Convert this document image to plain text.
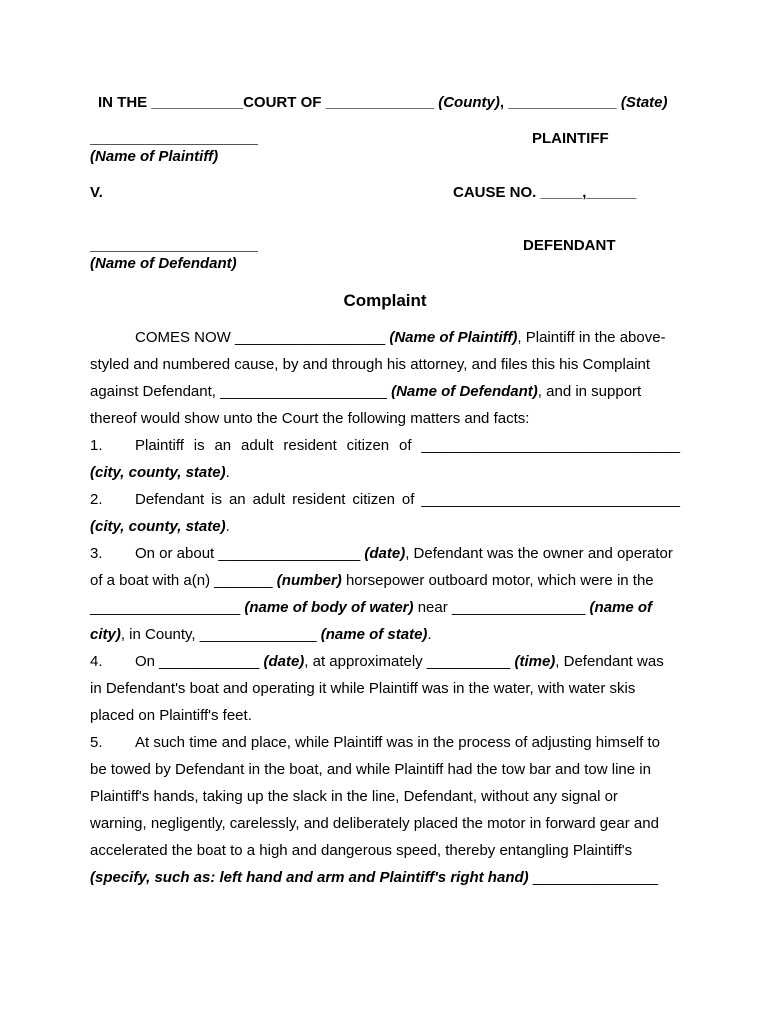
IN THE ___________COURT OF _____________ (County), _____________ (State)
PLAINTIFF
(Name of Plaintiff)
V.	CAUSE NO. _____,______
DEFENDANT
(Name of Defendant)
Complaint
COMES NOW __________________ (Name of Plaintiff), Plaintiff in the above-
styled and numbered cause, by and through his attorney, and files this his Complaint
against Defendant, ____________________ (Name of Defendant), and in support
thereof would show unto the Court the following matters and facts:
1. Plaintiff is an adult resident citizen of _______________________________
(city, county, state).
2. Defendant is an adult resident citizen of _______________________________
(city, county, state).
3. On or about _________________ (date), Defendant was the owner and operator
of a boat with a(n) _______ (number) horsepower outboard motor, which were in the
__________________ (name of body of water) near ________________ (name of
city), in County, ______________ (name of state).
4. On ____________ (date), at approximately __________ (time), Defendant was
in Defendant's boat and operating it while Plaintiff was in the water, with water skis
placed on Plaintiff's feet.
5. At such time and place, while Plaintiff was in the process of adjusting himself to
be towed by Defendant in the boat, and while Plaintiff had the tow bar and tow line in
Plaintiff's hands, taking up the slack in the line, Defendant, without any signal or
warning, negligently, carelessly, and deliberately placed the motor in forward gear and
accelerated the boat to a high and dangerous speed, thereby entangling Plaintiff's
(specify, such as: left hand and arm and Plaintiff's right hand) _______________
